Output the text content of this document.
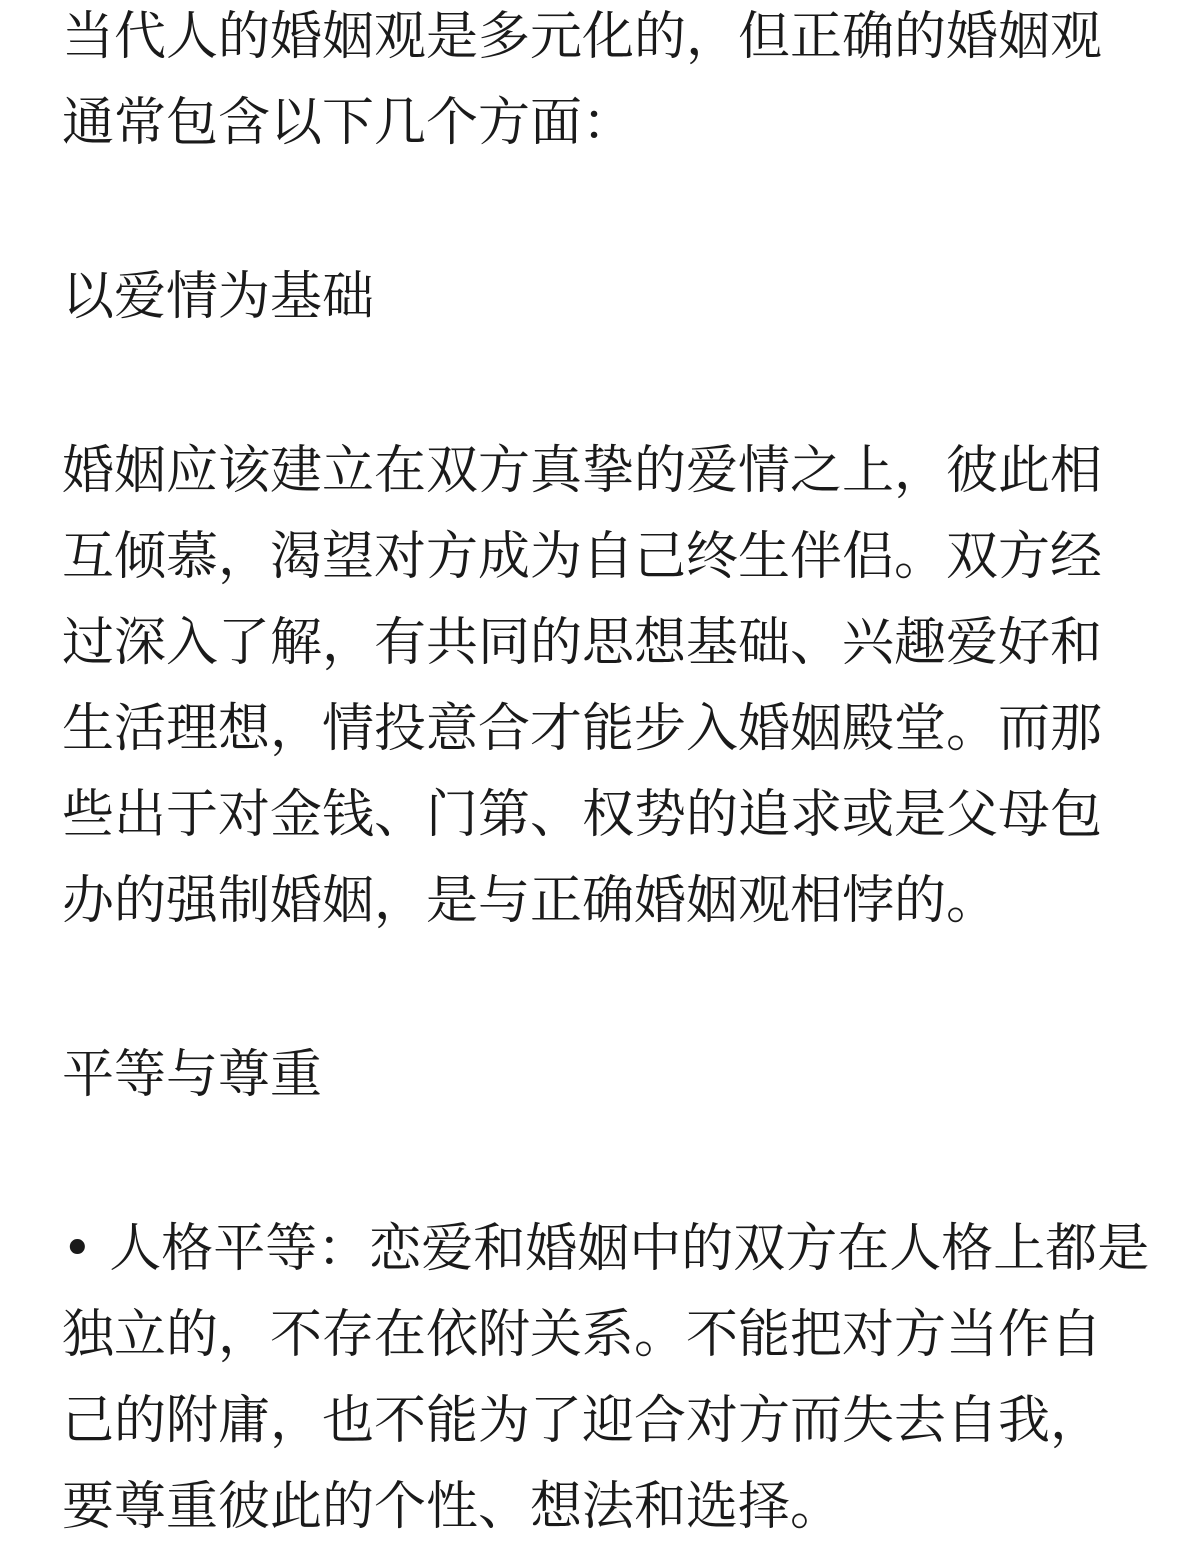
当代人的婚姻观是多元化的，但正确的婚姻观
通常包含以下几个方面：
以爱情为基础
婚姻应该建立在双方真挚的爱情之上，彼此相
互倾慕，渴望对方成为自己终生伴侣。双方经
过深入了解，有共同的思想基础、兴趣爱好和
生活理想，情投意合才能步入婚姻殿堂。而那
些出于对金钱、门第、权势的追求或是父母包
办的强制婚姻，是与正确婚姻观相悖的。
平等与尊重
• 人格平等：恋爱和婚姻中的双方在人格上都是
独立的，不存在依附关系。不能把对方当作自
己的附庸，也不能为了迎合对方而失去自我，
要尊重彼此的个性、想法和选择。
